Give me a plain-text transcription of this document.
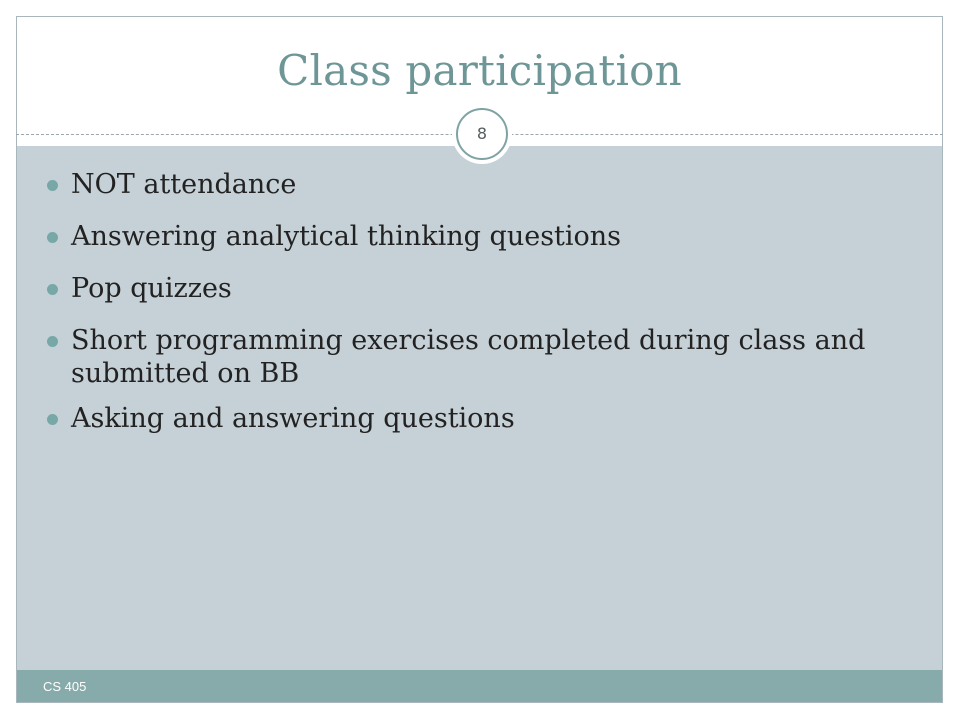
Class participation
8
NOT attendance
Answering analytical thinking questions
Pop quizzes
Short programming exercises completed during class and submitted on BB
Asking and answering questions
CS 405
